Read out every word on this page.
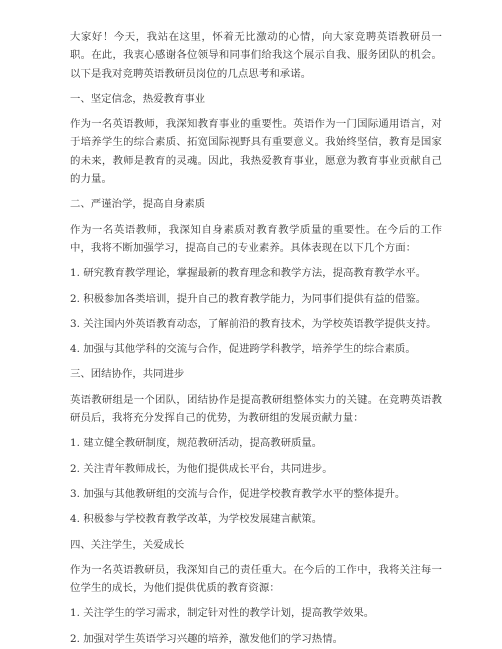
大家好！今天，我站在这里，怀着无比激动的心情，向大家竞聘英语教研员一职。在此，我衷心感谢各位领导和同事们给我这个展示自我、服务团队的机会。以下是我对竞聘英语教研员岗位的几点思考和承诺。

一、坚定信念，热爱教育事业

作为一名英语教师，我深知教育事业的重要性。英语作为一门国际通用语言，对于培养学生的综合素质、拓宽国际视野具有重要意义。我始终坚信，教育是国家的未来，教师是教育的灵魂。因此，我热爱教育事业，愿意为教育事业贡献自己的力量。

二、严谨治学，提高自身素质

作为一名英语教师，我深知自身素质对教育教学质量的重要性。在今后的工作中，我将不断加强学习，提高自己的专业素养。具体表现在以下几个方面：

1. 研究教育教学理论，掌握最新的教育理念和教学方法，提高教育教学水平。

2. 积极参加各类培训，提升自己的教育教学能力，为同事们提供有益的借鉴。

3. 关注国内外英语教育动态，了解前沿的教育技术，为学校英语教学提供支持。

4. 加强与其他学科的交流与合作，促进跨学科教学，培养学生的综合素质。

三、团结协作，共同进步

英语教研组是一个团队，团结协作是提高教研组整体实力的关键。在竞聘英语教研员后，我将充分发挥自己的优势，为教研组的发展贡献力量：

1. 建立健全教研制度，规范教研活动，提高教研质量。

2. 关注青年教师成长，为他们提供成长平台，共同进步。

3. 加强与其他教研组的交流与合作，促进学校教育教学水平的整体提升。

4. 积极参与学校教育教学改革，为学校发展建言献策。

四、关注学生，关爱成长

作为一名英语教研员，我深知自己的责任重大。在今后的工作中，我将关注每一位学生的成长，为他们提供优质的教育资源：

1. 关注学生的学习需求，制定针对性的教学计划，提高教学效果。

2. 加强对学生英语学习兴趣的培养，激发他们的学习热情。
